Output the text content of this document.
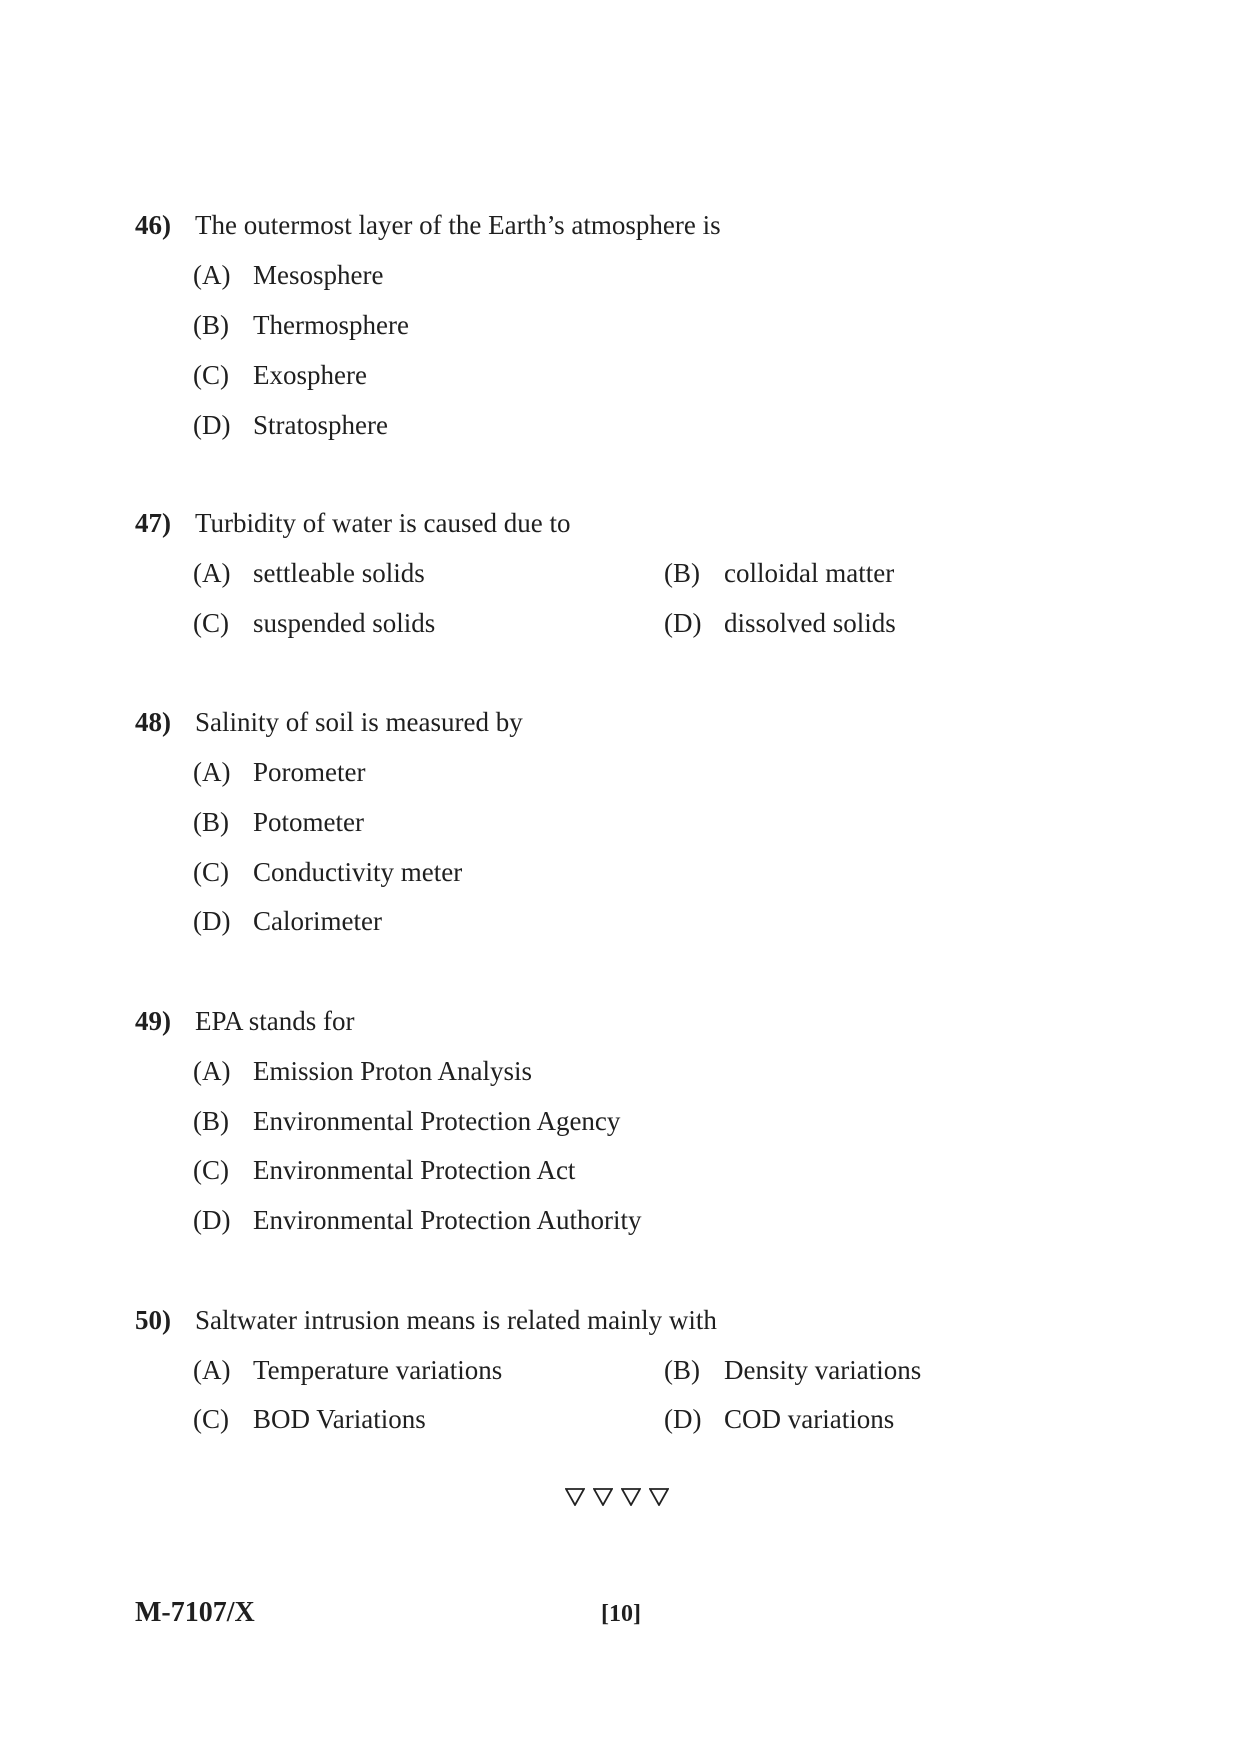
46) The outermost layer of the Earth’s atmosphere is
(A) Mesosphere
(B) Thermosphere
(C) Exosphere
(D) Stratosphere
47) Turbidity of water is caused due to
(A) settleable solids	(B) colloidal matter
(C) suspended solids	(D) dissolved solids
48) Salinity of soil is measured by
(A) Porometer
(B) Potometer
(C) Conductivity meter
(D) Calorimeter
49) EPA stands for
(A) Emission Proton Analysis
(B) Environmental Protection Agency
(C) Environmental Protection Act
(D) Environmental Protection Authority
50) Saltwater intrusion means is related mainly with
(A) Temperature variations	(B) Density variations
(C) BOD Variations	(D) COD variations
M-7107/X	[10]
